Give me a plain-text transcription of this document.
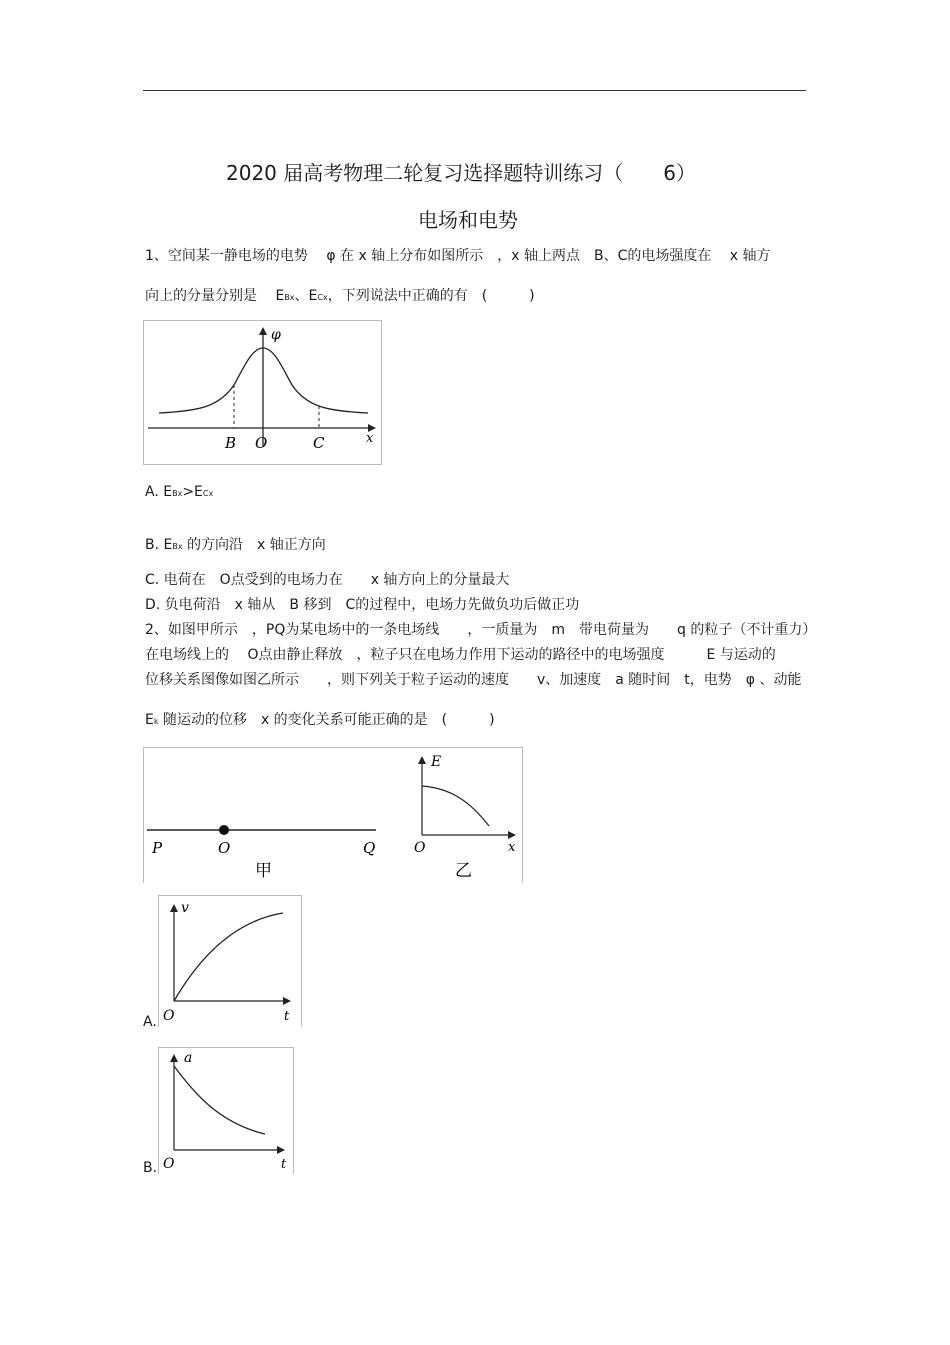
2020 届高考物理二轮复习选择题特训练习（　　6）
电场和电势
1、空间某一静电场的电势　 φ 在 x 轴上分布如图所示　，x 轴上两点　B、C的电场强度在　 x 轴方
向上的分量分别是　 EBx、ECx，下列说法中正确的有　(　　　)
φ
x
B O	C
A. EBx>ECx
B. EBx 的方向沿　x 轴正方向
C. 电荷在　O点受到的电场力在　　x 轴方向上的分量最大
D. 负电荷沿　x 轴从　B 移到　C的过程中，电场力先做负功后做正功
2、如图甲所示　，PQ为某电场中的一条电场线　　，一质量为　m　带电荷量为　　q 的粒子（不计重力）
在电场线上的　 O点由静止释放　，粒子只在电场力作用下运动的路径中的电场强度　　　E 与运动的
位移关系图像如图乙所示　　，则下列关于粒子运动的速度　　v、加速度　a 随时间　t，电势　φ 、动能
Ek 随运动的位移　x 的变化关系可能正确的是　(　　　)
P	O	Q
甲
E
O	x
乙
A.
v
O	t
B.
a
O	t
